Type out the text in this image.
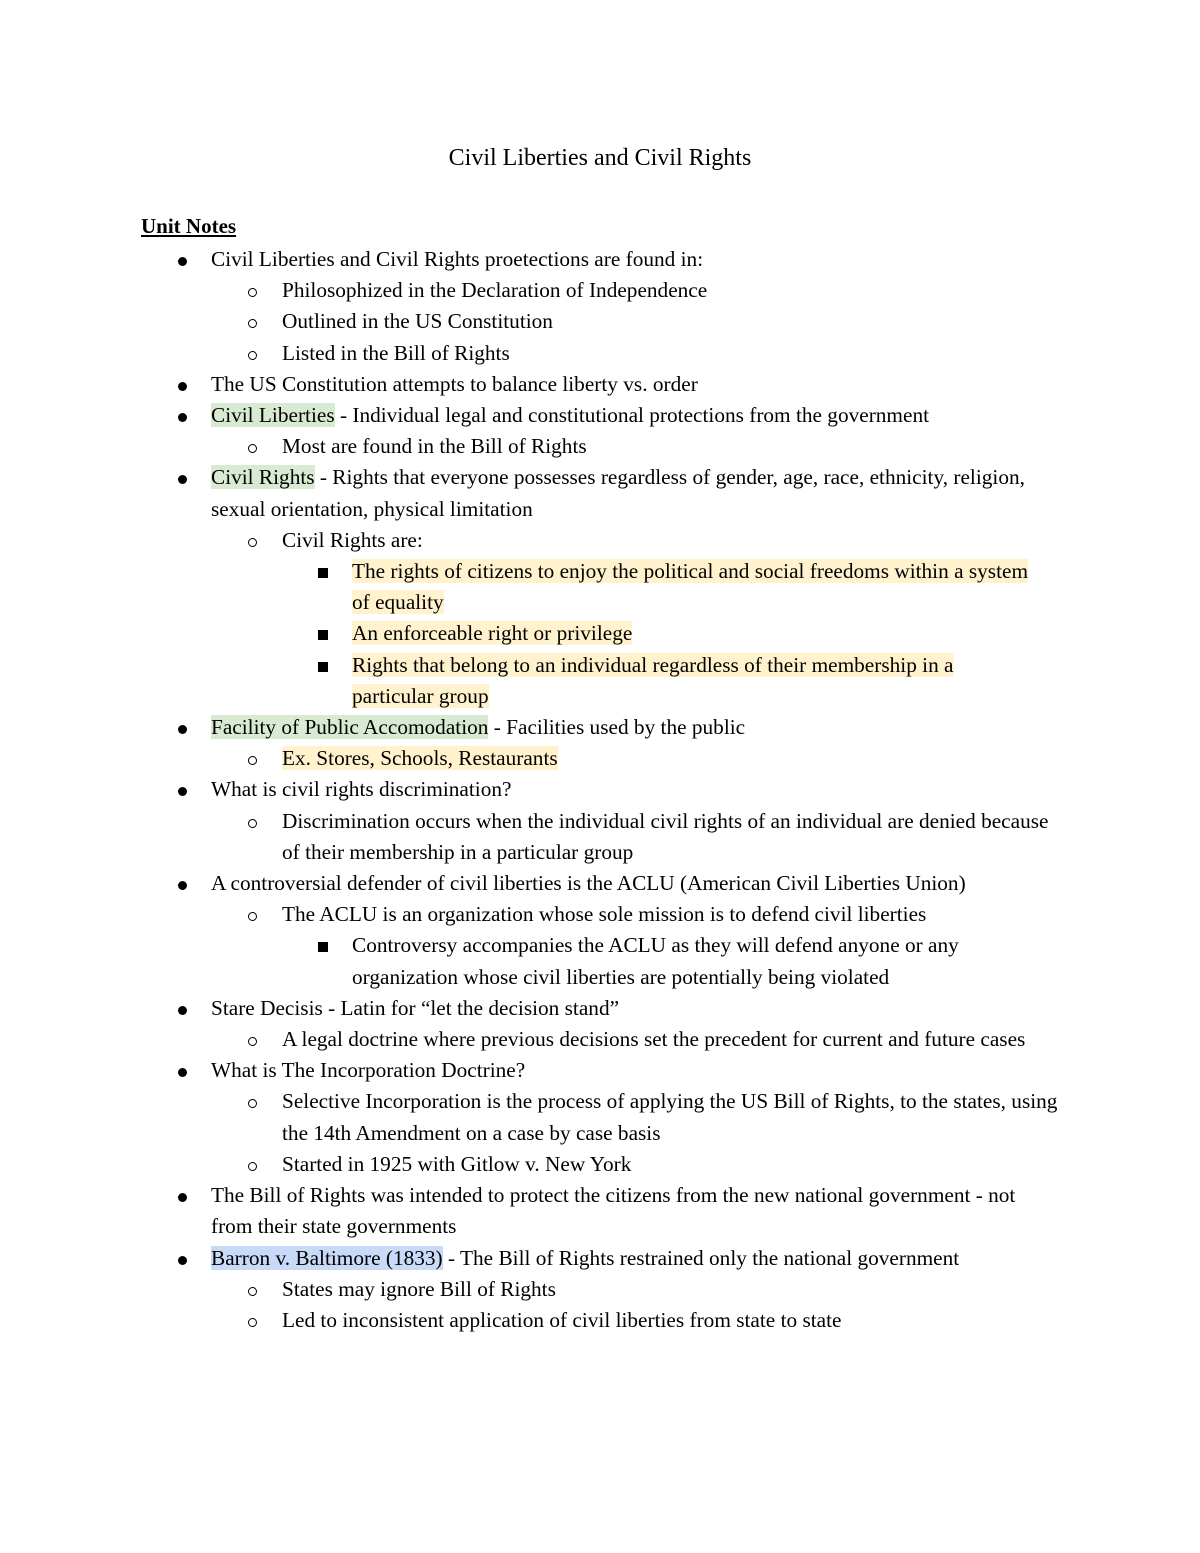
Civil Liberties and Civil Rights
Unit Notes
Civil Liberties and Civil Rights proetections are found in:
Philosophized in the Declaration of Independence
Outlined in the US Constitution
Listed in the Bill of Rights
The US Constitution attempts to balance liberty vs. order
Civil Liberties - Individual legal and constitutional protections from the government
Most are found in the Bill of Rights
Civil Rights - Rights that everyone possesses regardless of gender, age, race, ethnicity, religion, sexual orientation, physical limitation
Civil Rights are:
The rights of citizens to enjoy the political and social freedoms within a system of equality
An enforceable right or privilege
Rights that belong to an individual regardless of their membership in a particular group
Facility of Public Accomodation - Facilities used by the public
Ex. Stores, Schools, Restaurants
What is civil rights discrimination?
Discrimination occurs when the individual civil rights of an individual are denied because of their membership in a particular group
A controversial defender of civil liberties is the ACLU (American Civil Liberties Union)
The ACLU is an organization whose sole mission is to defend civil liberties
Controversy accompanies the ACLU as they will defend anyone or any organization whose civil liberties are potentially being violated
Stare Decisis - Latin for “let the decision stand”
A legal doctrine where previous decisions set the precedent for current and future cases
What is The Incorporation Doctrine?
Selective Incorporation is the process of applying the US Bill of Rights, to the states, using the 14th Amendment on a case by case basis
Started in 1925 with Gitlow v. New York
The Bill of Rights was intended to protect the citizens from the new national government - not from their state governments
Barron v. Baltimore (1833) - The Bill of Rights restrained only the national government
States may ignore Bill of Rights
Led to inconsistent application of civil liberties from state to state
